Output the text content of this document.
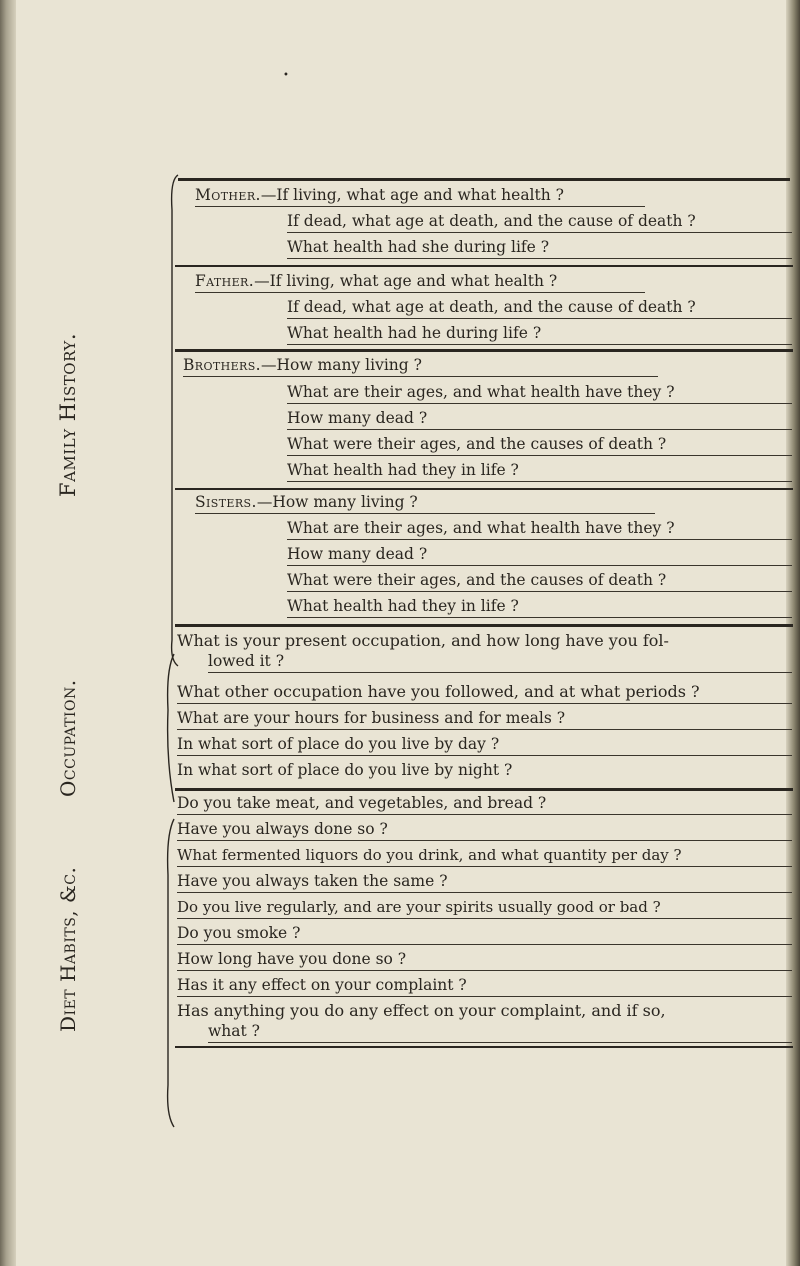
Family History.
Occupation.
Diet Habits, &c.
•
Mother.—If living, what age and what health ?
If dead, what age at death, and the cause of death ?
What health had she during life ?
Father.—If living, what age and what health ?
If dead, what age at death, and the cause of death ?
What health had he during life ?
Brothers.—How many living ?
What are their ages, and what health have they ?
How many dead ?
What were their ages, and the causes of death ?
What health had they in life ?
Sisters.—How many living ?
What are their ages, and what health have they ?
How many dead ?
What were their ages, and the causes of death ?
What health had they in life ?
What is your present occupation, and how long have you fol-
lowed it ?
What other occupation have you followed, and at what periods ?
What are your hours for business and for meals ?
In what sort of place do you live by day ?
In what sort of place do you live by night ?
Do you take meat, and vegetables, and bread ?
Have you always done so ?
What fermented liquors do you drink, and what quantity per day ?
Have you always taken the same ?
Do you live regularly, and are your spirits usually good or bad ?
Do you smoke ?
How long have you done so ?
Has it any effect on your complaint ?
Has anything you do any effect on your complaint, and if so,
what ?
